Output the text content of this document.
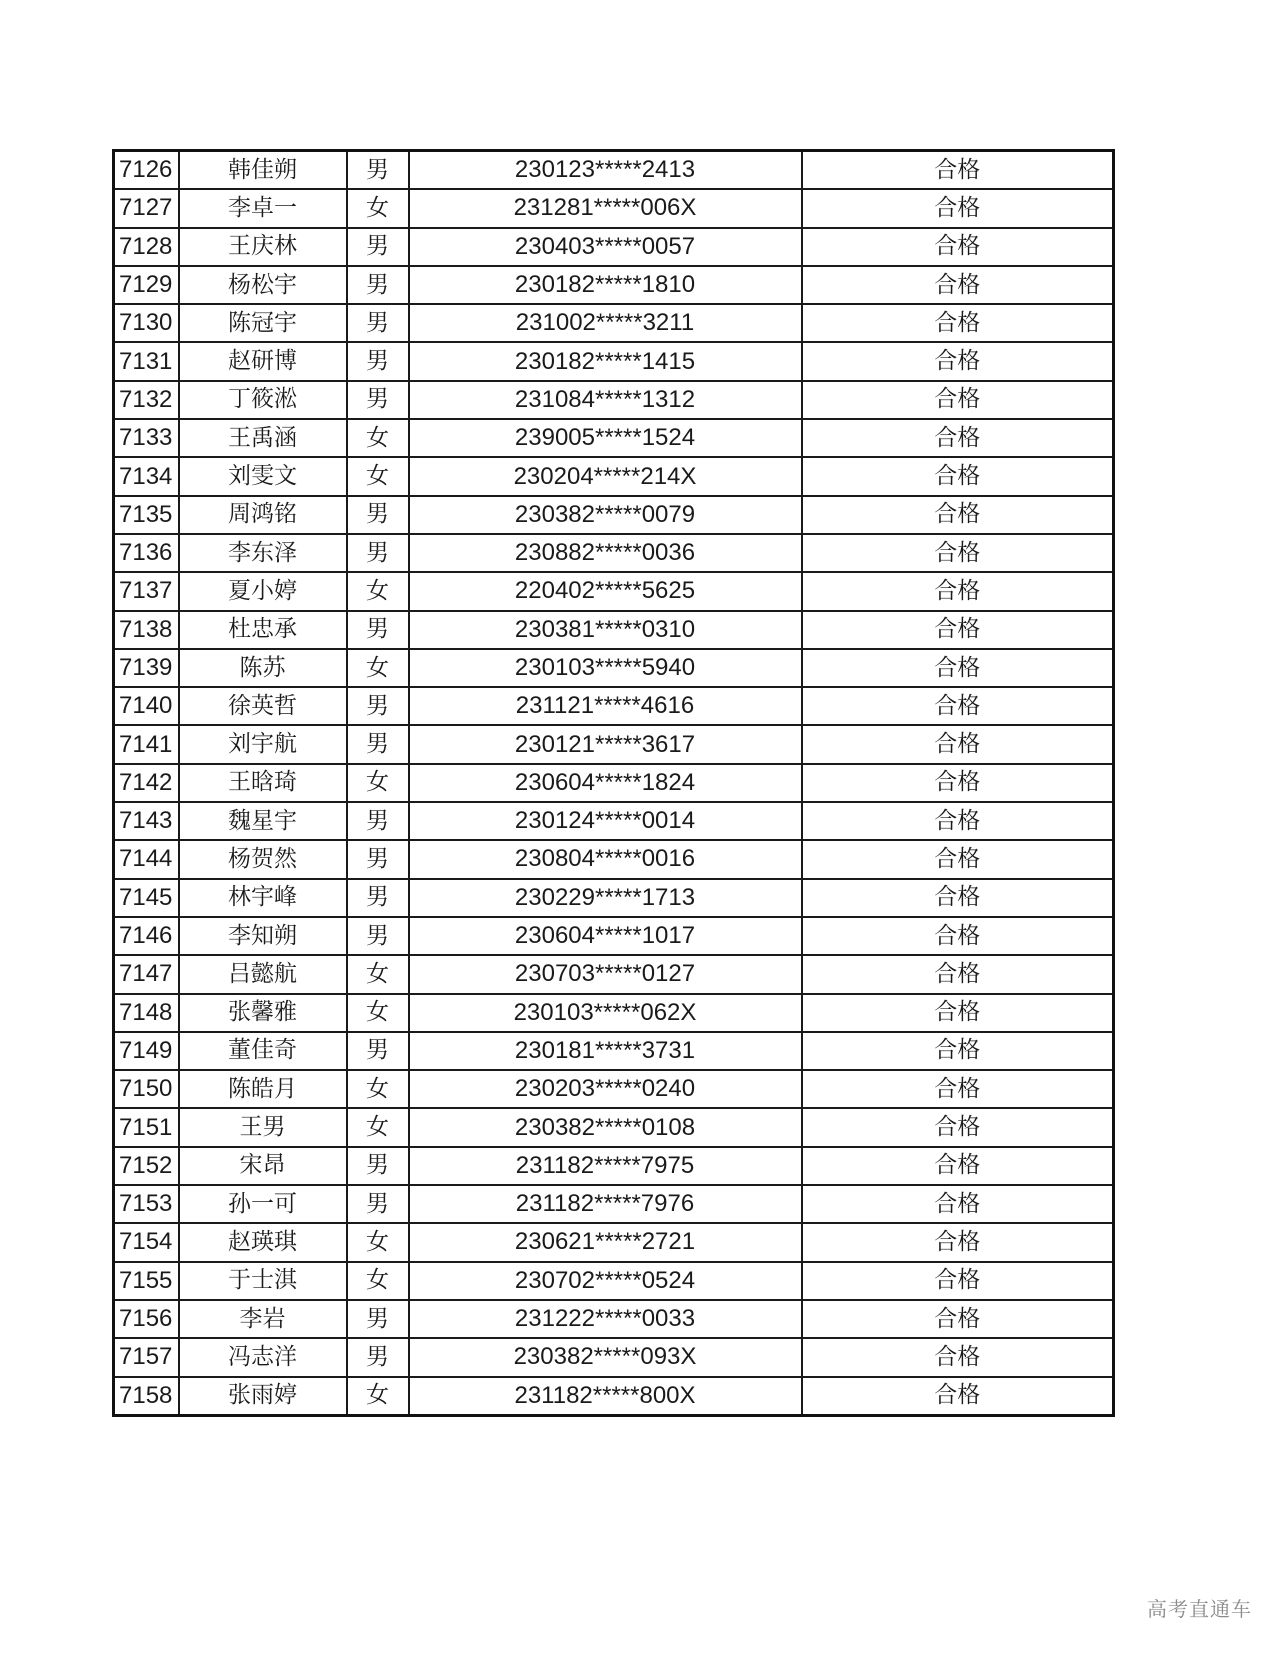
7126	韩佳朔	男	230123*****2413	合格
7127	李卓一	女	231281*****006X	合格
7128	王庆林	男	230403*****0057	合格
7129	杨松宇	男	230182*****1810	合格
7130	陈冠宇	男	231002*****3211	合格
7131	赵研博	男	230182*****1415	合格
7132	丁筱淞	男	231084*****1312	合格
7133	王禹涵	女	239005*****1524	合格
7134	刘雯文	女	230204*****214X	合格
7135	周鸿铭	男	230382*****0079	合格
7136	李东泽	男	230882*****0036	合格
7137	夏小婷	女	220402*****5625	合格
7138	杜忠承	男	230381*****0310	合格
7139	陈苏	女	230103*****5940	合格
7140	徐英哲	男	231121*****4616	合格
7141	刘宇航	男	230121*****3617	合格
7142	王晗琦	女	230604*****1824	合格
7143	魏星宇	男	230124*****0014	合格
7144	杨贺然	男	230804*****0016	合格
7145	林宇峰	男	230229*****1713	合格
7146	李知朔	男	230604*****1017	合格
7147	吕懿航	女	230703*****0127	合格
7148	张馨雅	女	230103*****062X	合格
7149	董佳奇	男	230181*****3731	合格
7150	陈皓月	女	230203*****0240	合格
7151	王男	女	230382*****0108	合格
7152	宋昂	男	231182*****7975	合格
7153	孙一可	男	231182*****7976	合格
7154	赵瑛琪	女	230621*****2721	合格
7155	于士淇	女	230702*****0524	合格
7156	李岩	男	231222*****0033	合格
7157	冯志洋	男	230382*****093X	合格
7158	张雨婷	女	231182*****800X	合格
高考直通车
